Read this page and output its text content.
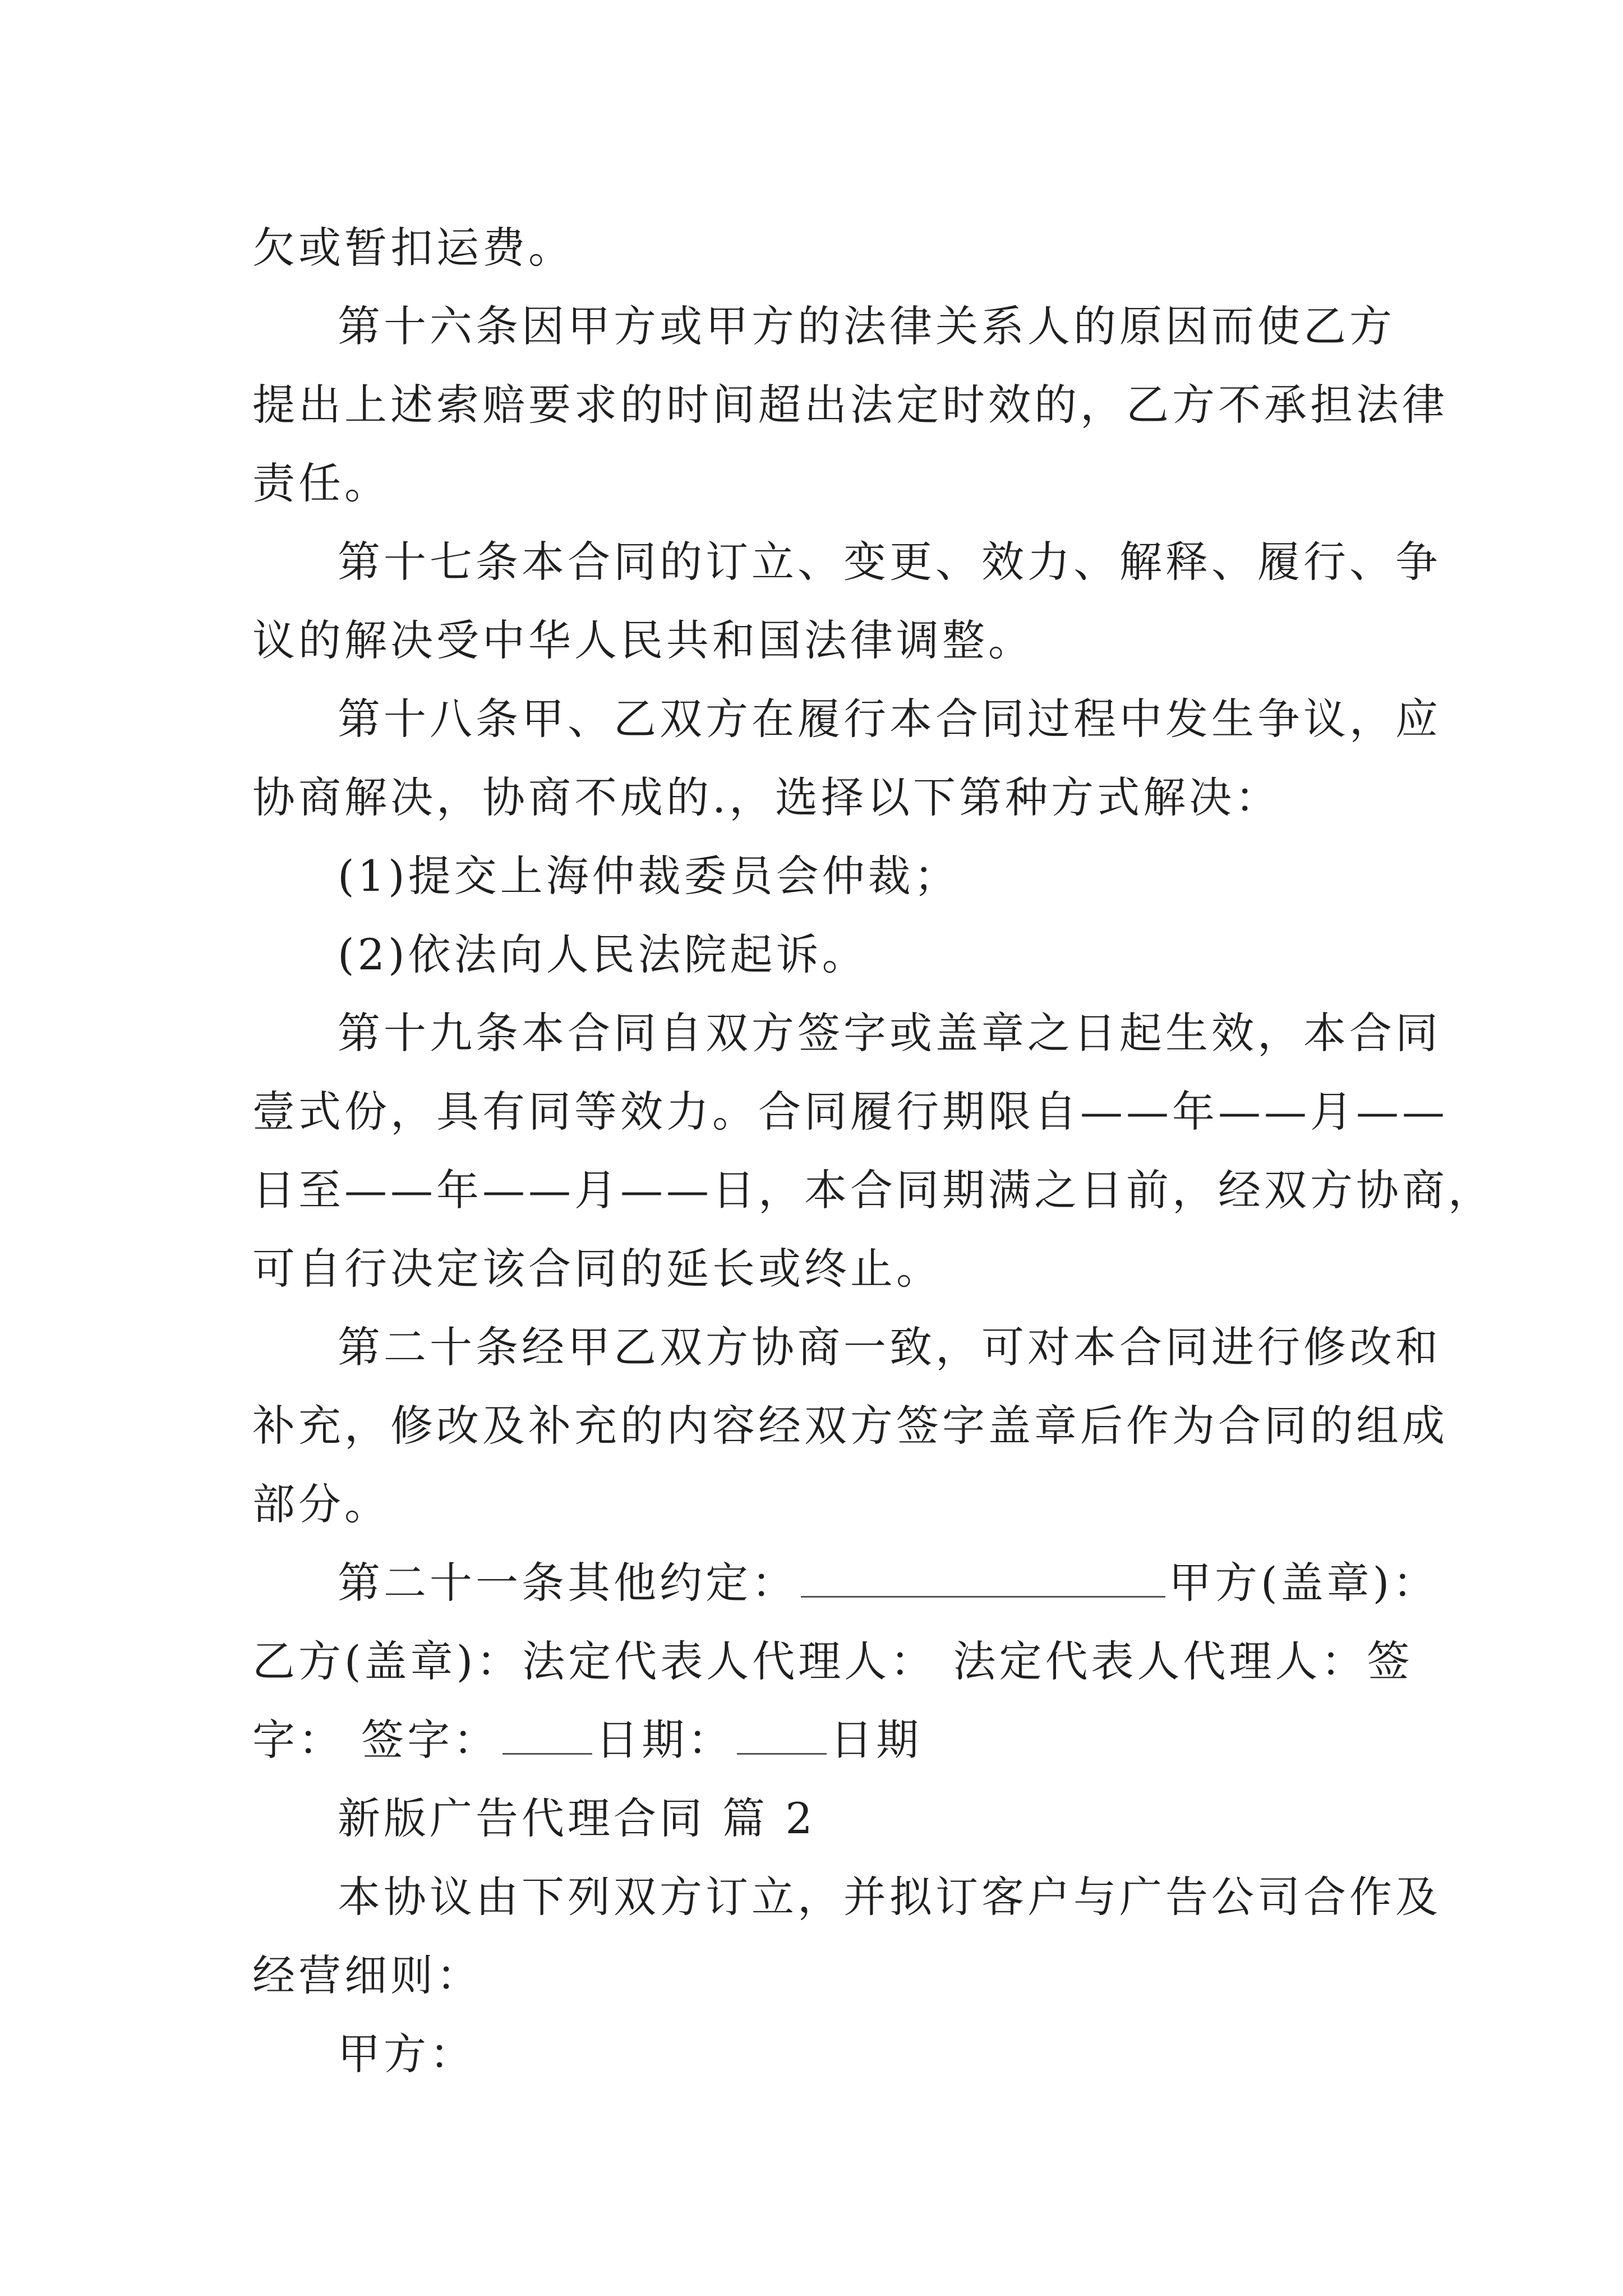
欠或暂扣运费。
第十六条因甲方或甲方的法律关系人的原因而使乙方
提出上述索赔要求的时间超出法定时效的，乙方不承担法律
责任。
第十七条本合同的订立、变更、效力、解释、履行、争
议的解决受中华人民共和国法律调整。
第十八条甲、乙双方在履行本合同过程中发生争议，应
协商解决，协商不成的.，选择以下第种方式解决：
(1)提交上海仲裁委员会仲裁；
(2)依法向人民法院起诉。
第十九条本合同自双方签字或盖章之日起生效，本合同
壹式份，具有同等效力。合同履行期限自——年——月——
日至——年——月——日，本合同期满之日前，经双方协商，
可自行决定该合同的延长或终止。
第二十条经甲乙双方协商一致，可对本合同进行修改和
补充，修改及补充的内容经双方签字盖章后作为合同的组成
部分。
第二十一条其他约定：	甲方(盖章)：
乙方(盖章)：法定代表人代理人： 法定代表人代理人：签
字： 签字： 日期： 日期
新版广告代理合同 篇 2
本协议由下列双方订立，并拟订客户与广告公司合作及
经营细则：
甲方：
